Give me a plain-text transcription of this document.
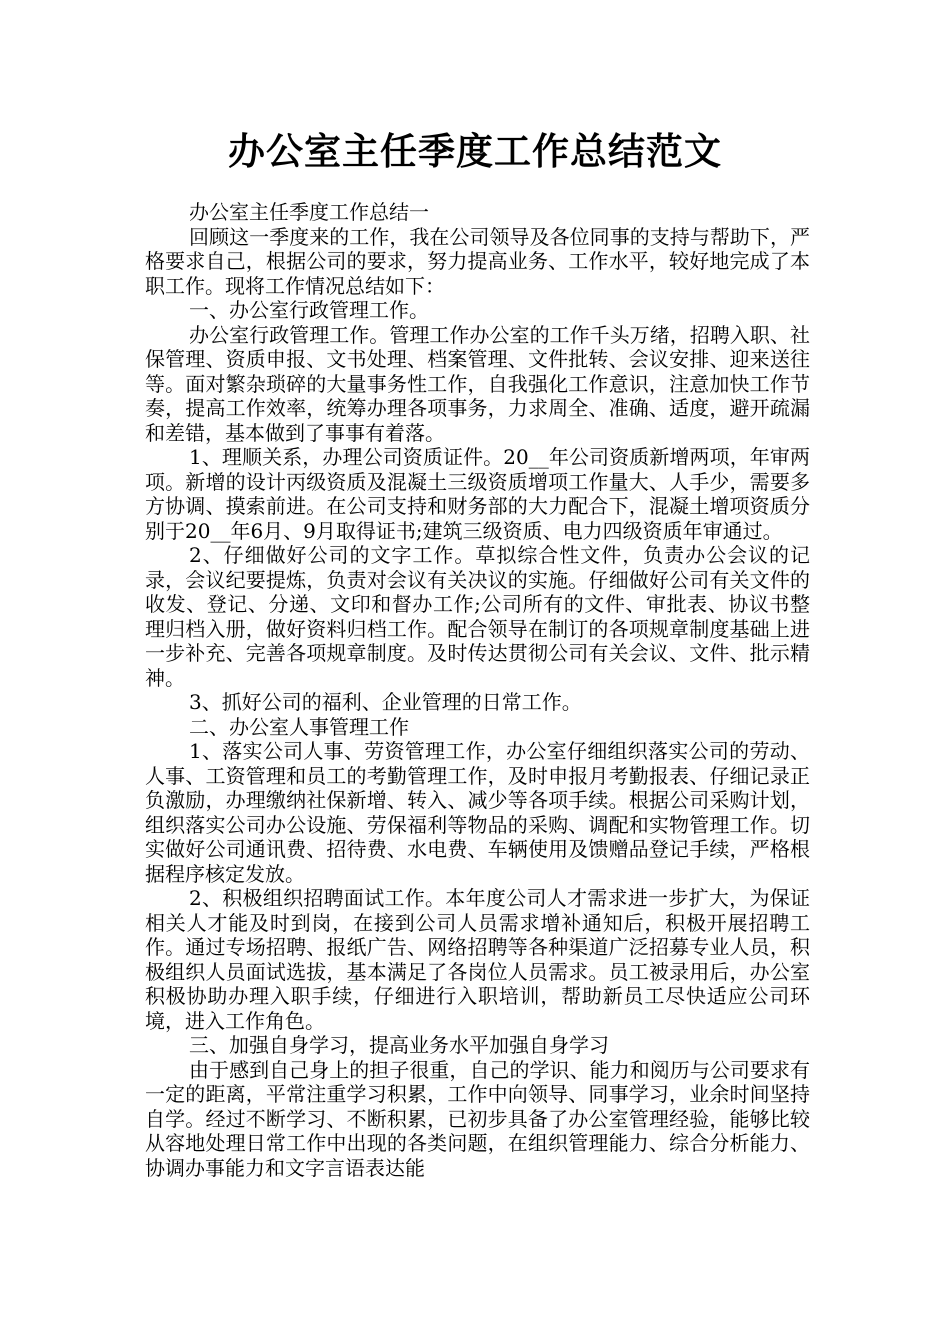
办公室主任季度工作总结范文

办公室主任季度工作总结一

回顾这一季度来的工作，我在公司领导及各位同事的支持与帮助下，严格要求自己，根据公司的要求，努力提高业务、工作水平，较好地完成了本职工作。现将工作情况总结如下：

一、办公室行政管理工作。

办公室行政管理工作。管理工作办公室的工作千头万绪，招聘入职、社保管理、资质申报、文书处理、档案管理、文件批转、会议安排、迎来送往等。面对繁杂琐碎的大量事务性工作，自我强化工作意识，注意加快工作节奏，提高工作效率，统筹办理各项事务，力求周全、准确、适度，避开疏漏和差错，基本做到了事事有着落。

1、理顺关系，办理公司资质证件。20__年公司资质新增两项，年审两项。新增的设计丙级资质及混凝土三级资质增项工作量大、人手少，需要多方协调、摸索前进。在公司支持和财务部的大力配合下，混凝土增项资质分别于20__年6月、9月取得证书;建筑三级资质、电力四级资质年审通过。

2、仔细做好公司的文字工作。草拟综合性文件，负责办公会议的记录，会议纪要提炼，负责对会议有关决议的实施。仔细做好公司有关文件的收发、登记、分递、文印和督办工作;公司所有的文件、审批表、协议书整理归档入册，做好资料归档工作。配合领导在制订的各项规章制度基础上进一步补充、完善各项规章制度。及时传达贯彻公司有关会议、文件、批示精神。

3、抓好公司的福利、企业管理的日常工作。

二、办公室人事管理工作

1、落实公司人事、劳资管理工作，办公室仔细组织落实公司的劳动、人事、工资管理和员工的考勤管理工作，及时申报月考勤报表、仔细记录正负激励，办理缴纳社保新增、转入、减少等各项手续。根据公司采购计划，组织落实公司办公设施、劳保福利等物品的采购、调配和实物管理工作。切实做好公司通讯费、招待费、水电费、车辆使用及馈赠品登记手续，严格根据程序核定发放。

2、积极组织招聘面试工作。本年度公司人才需求进一步扩大，为保证相关人才能及时到岗，在接到公司人员需求增补通知后，积极开展招聘工作。通过专场招聘、报纸广告、网络招聘等各种渠道广泛招募专业人员，积极组织人员面试选拔，基本满足了各岗位人员需求。员工被录用后，办公室积极协助办理入职手续，仔细进行入职培训，帮助新员工尽快适应公司环境，进入工作角色。

三、加强自身学习，提高业务水平加强自身学习

由于感到自己身上的担子很重，自己的学识、能力和阅历与公司要求有一定的距离，平常注重学习积累，工作中向领导、同事学习，业余时间坚持自学。经过不断学习、不断积累，已初步具备了办公室管理经验，能够比较从容地处理日常工作中出现的各类问题，在组织管理能力、综合分析能力、协调办事能力和文字言语表达能
